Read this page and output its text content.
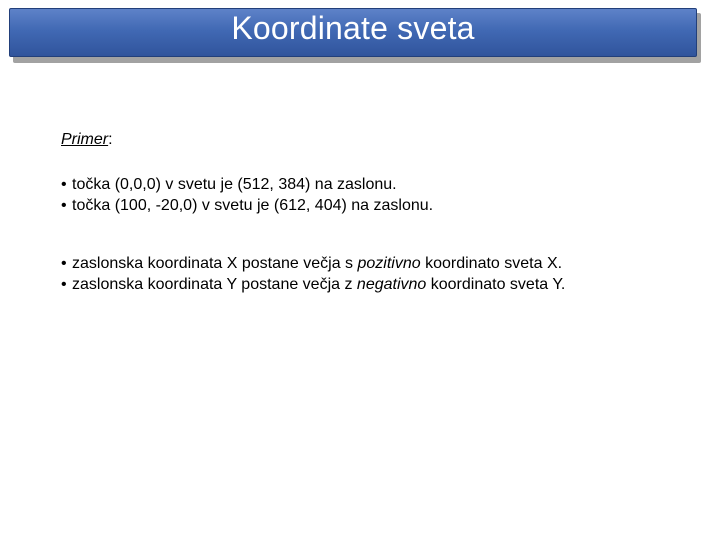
Koordinate sveta
Primer:
• točka (0,0,0) v svetu je (512, 384) na zaslonu.
• točka (100, -20,0) v svetu je (612, 404) na zaslonu.
• zaslonska koordinata X postane večja s pozitivno koordinato sveta X.
• zaslonska koordinata Y postane večja z negativno koordinato sveta Y.
